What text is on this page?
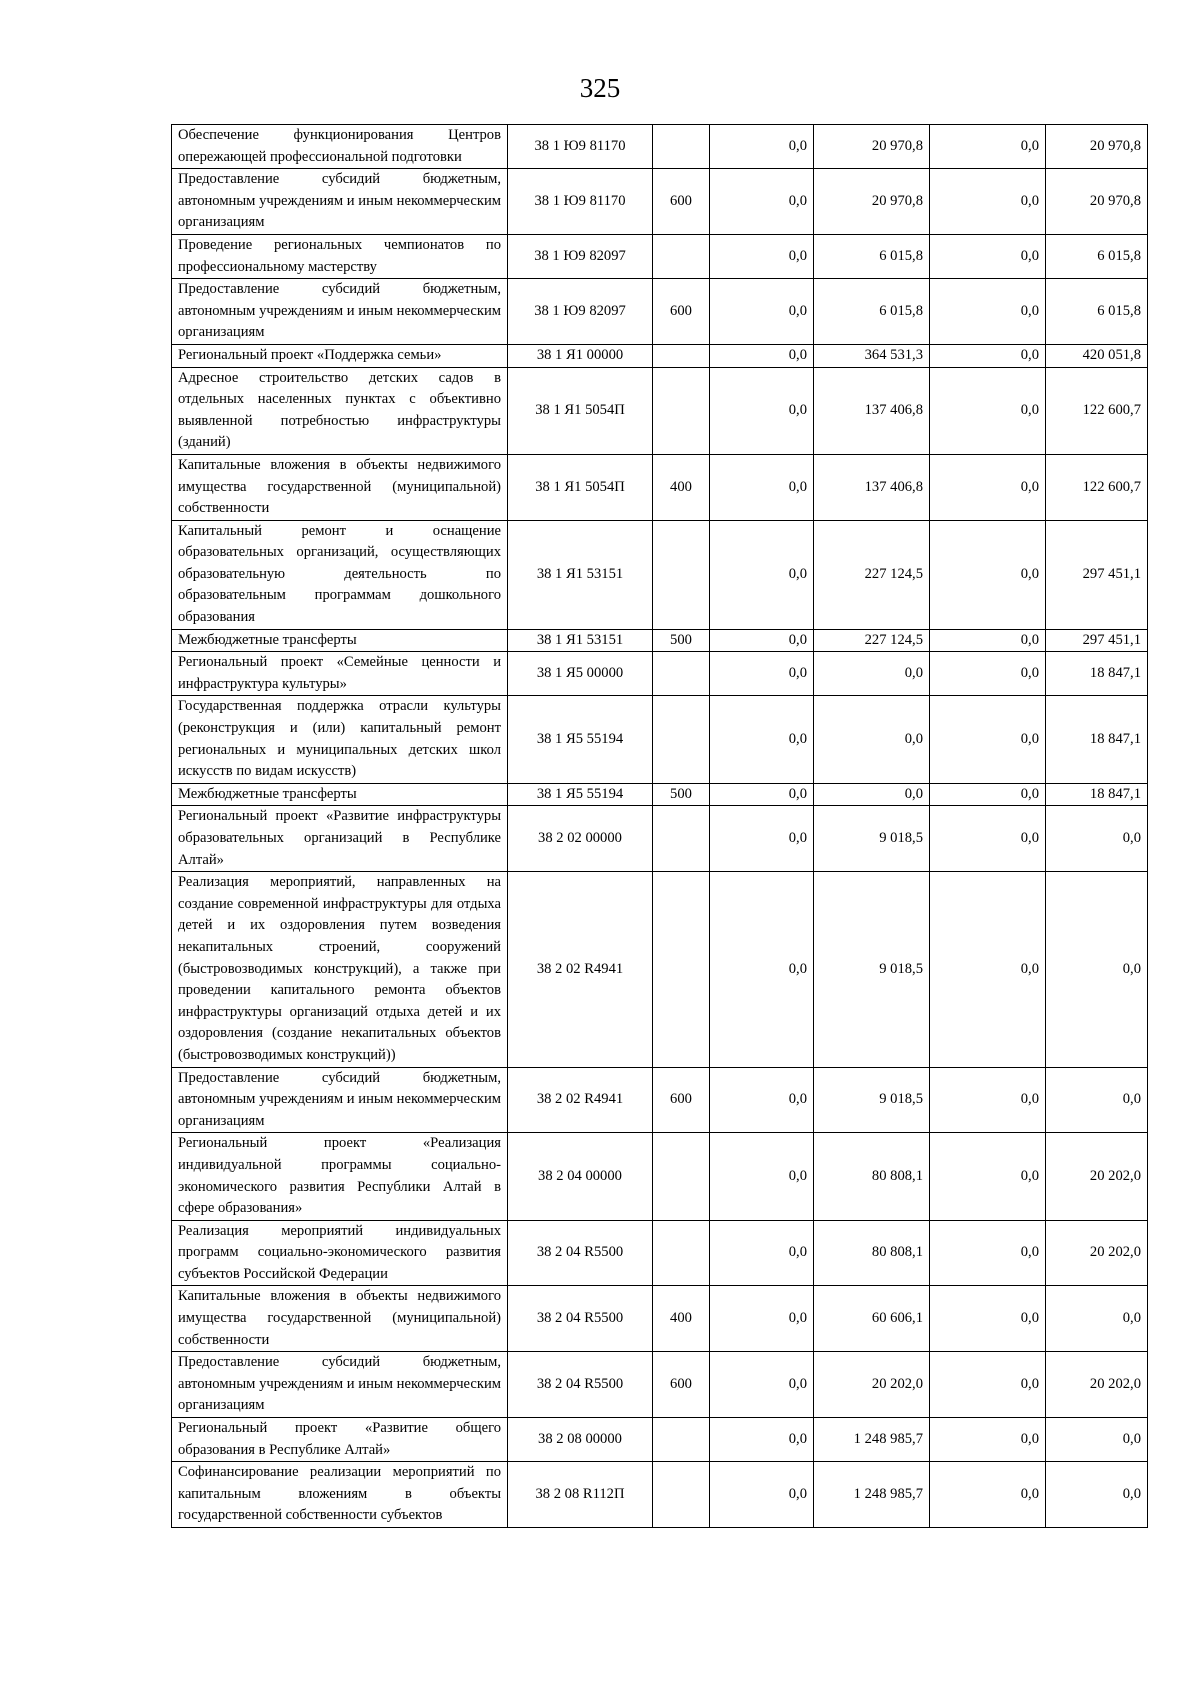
325
Обеспечение функционирования Центров опережающей профессиональной подготовки	38 1 Ю9 81170		0,0	20 970,8	0,0	20 970,8
Предоставление субсидий бюджетным, автономным учреждениям и иным некоммерческим организациям	38 1 Ю9 81170	600	0,0	20 970,8	0,0	20 970,8
Проведение региональных чемпионатов по профессиональному мастерству	38 1 Ю9 82097		0,0	6 015,8	0,0	6 015,8
Предоставление субсидий бюджетным, автономным учреждениям и иным некоммерческим организациям	38 1 Ю9 82097	600	0,0	6 015,8	0,0	6 015,8
Региональный проект «Поддержка семьи»	38 1 Я1 00000		0,0	364 531,3	0,0	420 051,8
Адресное строительство детских садов в отдельных населенных пунктах с объективно выявленной потребностью инфраструктуры (зданий)	38 1 Я1 5054П		0,0	137 406,8	0,0	122 600,7
Капитальные вложения в объекты недвижимого имущества государственной (муниципальной) собственности	38 1 Я1 5054П	400	0,0	137 406,8	0,0	122 600,7
Капитальный ремонт и оснащение образовательных организаций, осуществляющих образовательную деятельность по образовательным программам дошкольного образования	38 1 Я1 53151		0,0	227 124,5	0,0	297 451,1
Межбюджетные трансферты	38 1 Я1 53151	500	0,0	227 124,5	0,0	297 451,1
Региональный проект «Семейные ценности и инфраструктура культуры»	38 1 Я5 00000		0,0	0,0	0,0	18 847,1
Государственная поддержка отрасли культуры (реконструкция и (или) капитальный ремонт региональных и муниципальных детских школ искусств по видам искусств)	38 1 Я5 55194		0,0	0,0	0,0	18 847,1
Межбюджетные трансферты	38 1 Я5 55194	500	0,0	0,0	0,0	18 847,1
Региональный проект «Развитие инфраструктуры образовательных организаций в Республике Алтай»	38 2 02 00000		0,0	9 018,5	0,0	0,0
Реализация мероприятий, направленных на создание современной инфраструктуры для отдыха детей и их оздоровления путем возведения некапитальных строений, сооружений (быстровозводимых конструкций), а также при проведении капитального ремонта объектов инфраструктуры организаций отдыха детей и их оздоровления (создание некапитальных объектов (быстровозводимых конструкций))	38 2 02 R4941		0,0	9 018,5	0,0	0,0
Предоставление субсидий бюджетным, автономным учреждениям и иным некоммерческим организациям	38 2 02 R4941	600	0,0	9 018,5	0,0	0,0
Региональный проект «Реализация индивидуальной программы социально-экономического развития Республики Алтай в сфере образования»	38 2 04 00000		0,0	80 808,1	0,0	20 202,0
Реализация мероприятий индивидуальных программ социально-экономического развития субъектов Российской Федерации	38 2 04 R5500		0,0	80 808,1	0,0	20 202,0
Капитальные вложения в объекты недвижимого имущества государственной (муниципальной) собственности	38 2 04 R5500	400	0,0	60 606,1	0,0	0,0
Предоставление субсидий бюджетным, автономным учреждениям и иным некоммерческим организациям	38 2 04 R5500	600	0,0	20 202,0	0,0	20 202,0
Региональный проект «Развитие общего образования в Республике Алтай»	38 2 08 00000		0,0	1 248 985,7	0,0	0,0
Софинансирование реализации мероприятий по капитальным вложениям в объекты государственной собственности субъектов	38 2 08 R112П		0,0	1 248 985,7	0,0	0,0
